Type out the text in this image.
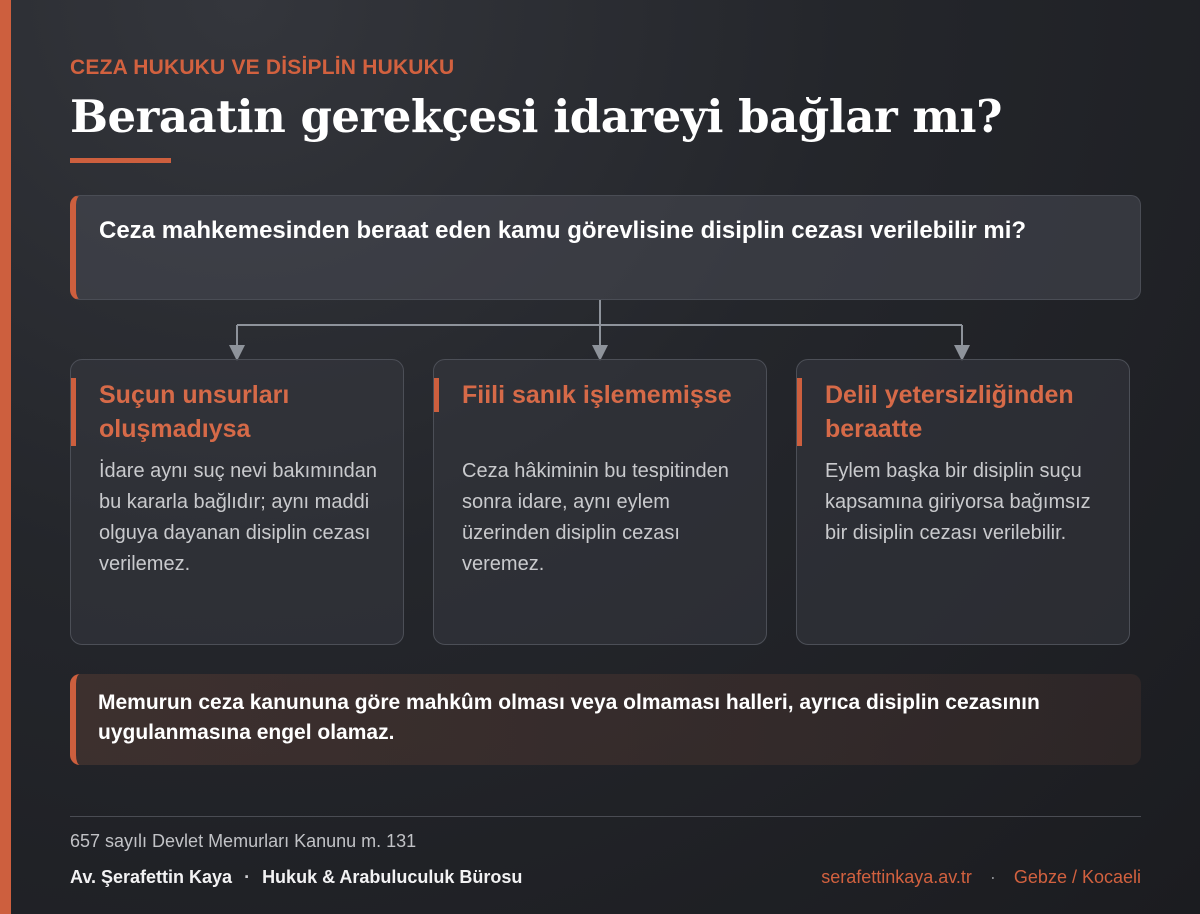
CEZA HUKUKU VE DİSİPLİN HUKUKU
Beraatin gerekçesi idareyi bağlar mı?

Ceza mahkemesinden beraat eden kamu görevlisine disiplin cezası verilebilir mi?

Suçun unsurları oluşmadıysa
İdare aynı suç nevi bakımından bu kararla bağlıdır; aynı maddi olguya dayanan disiplin cezası verilemez.
Fiili sanık işlememişse
Ceza hâkiminin bu tespitinden sonra idare, aynı eylem üzerinden disiplin cezası veremez.
Delil yetersizliğinden beraatte
Eylem başka bir disiplin suçu kapsamına giriyorsa bağımsız bir disiplin cezası verilebilir.

Memurun ceza kanununa göre mahkûm olması veya olmaması halleri, ayrıca disiplin cezasının uygulanmasına engel olamaz.

657 sayılı Devlet Memurları Kanunu m. 131
Av. Şerafettin Kaya · Hukuk & Arabuluculuk Bürosu	serafettinkaya.av.tr · Gebze / Kocaeli
